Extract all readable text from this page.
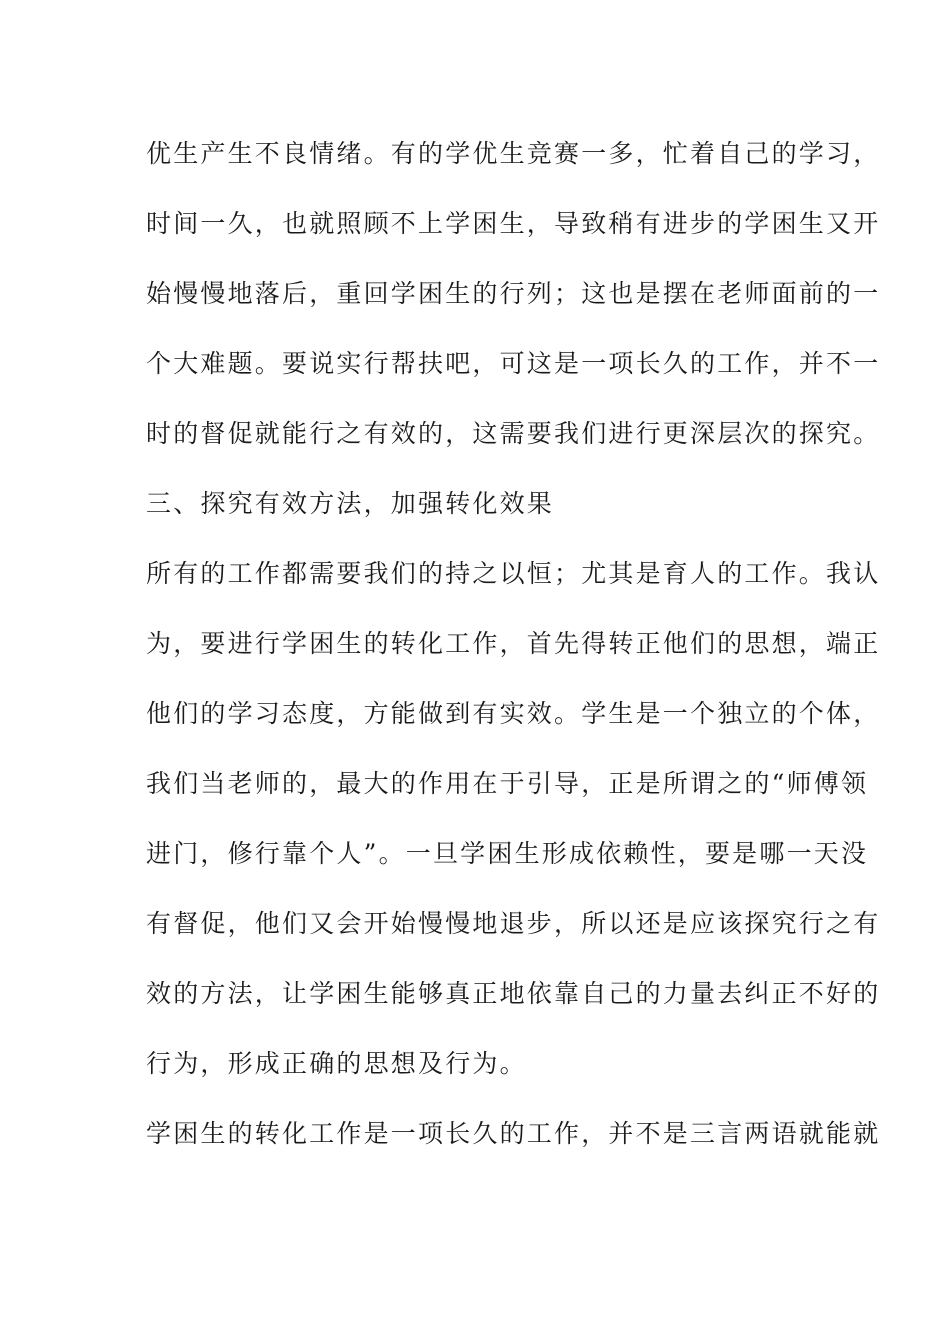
优生产生不良情绪。有的学优生竞赛一多，忙着自己的学习，
时间一久，也就照顾不上学困生，导致稍有进步的学困生又开
始慢慢地落后，重回学困生的行列；这也是摆在老师面前的一
个大难题。要说实行帮扶吧，可这是一项长久的工作，并不一
时的督促就能行之有效的，这需要我们进行更深层次的探究。
三、探究有效方法，加强转化效果
所有的工作都需要我们的持之以恒；尤其是育人的工作。我认
为，要进行学困生的转化工作，首先得转正他们的思想，端正
他们的学习态度，方能做到有实效。学生是一个独立的个体，
我们当老师的，最大的作用在于引导，正是所谓之的“师傅领
进门，修行靠个人”。一旦学困生形成依赖性，要是哪一天没
有督促，他们又会开始慢慢地退步，所以还是应该探究行之有
效的方法，让学困生能够真正地依靠自己的力量去纠正不好的
行为，形成正确的思想及行为。
学困生的转化工作是一项长久的工作，并不是三言两语就能就
